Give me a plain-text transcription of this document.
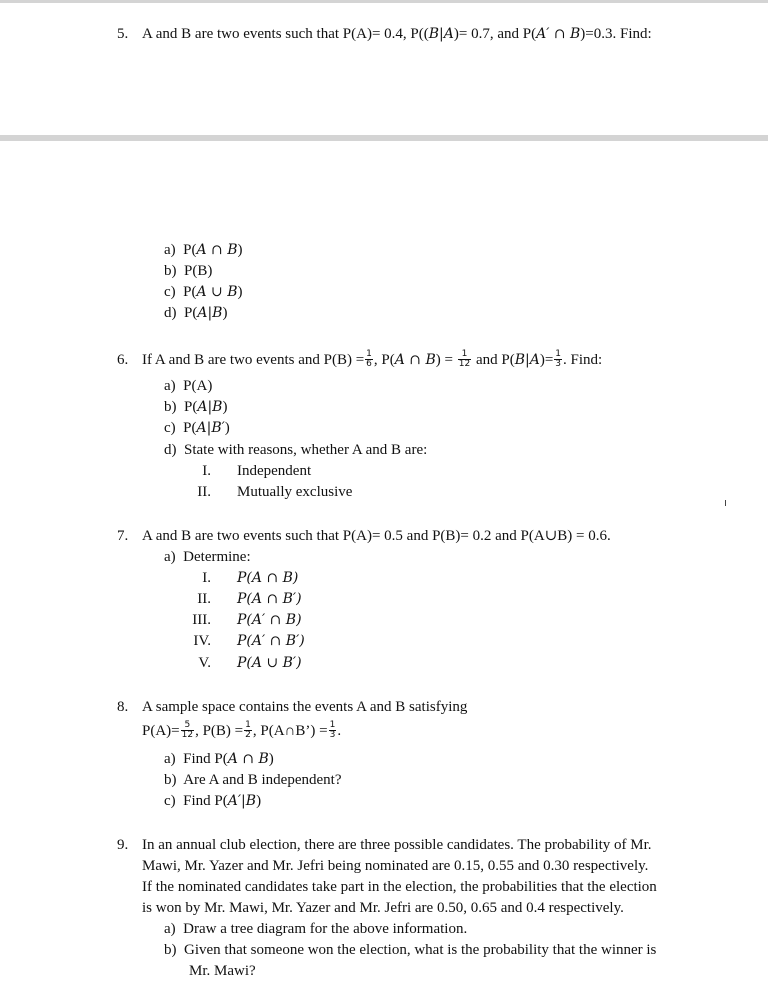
5. A and B are two events such that P(A)= 0.4, P((B|A)= 0.7, and P(A′ ∩ B)=0.3. Find:
a) P(A ∩ B)
b) P(B)
c) P(A ∪ B)
d) P(A|B)
6. If A and B are two events and $P(B) = \frac{1}{6}$ , P(A ∩ $B) = \frac{1}{12}$ and $P(B|A)= \frac{1}{3}$ . Find:
a) P(A)
b) P(A|B)
c) P(A|B′)
d) State with reasons, whether A and B are:
I. Independent
II. Mutually exclusive
7. A and B are two events such that P(A)= 0.5 and P(B)= 0.2 and P(A∪B) = 0.6.
a) Determine:
I. P(A ∩ B)
II. P(A ∩ B′)
III. P(A′ ∩ B)
IV. P(A′ ∩ B′)
V. P(A ∪ B′)
8. A sample space contains the events A and B satisfying
$P(A)= \frac{5}{12}$ , $P(B) = \frac{1}{2}$ , P(A∩B’) = $\frac{1}{3}$ .
a) Find P(A ∩ B)
b) Are A and B independent?
c) Find P(A′|B)
9. In an annual club election, there are three possible candidates. The probability of Mr.
Mawi, Mr. Yazer and Mr. Jefri being nominated are 0.15, 0.55 and 0.30 respectively.
If the nominated candidates take part in the election, the probabilities that the election
is won by Mr. Mawi, Mr. Yazer and Mr. Jefri are 0.50, 0.65 and 0.4 respectively.
a) Draw a tree diagram for the above information.
b) Given that someone won the election, what is the probability that the winner is
Mr. Mawi?
